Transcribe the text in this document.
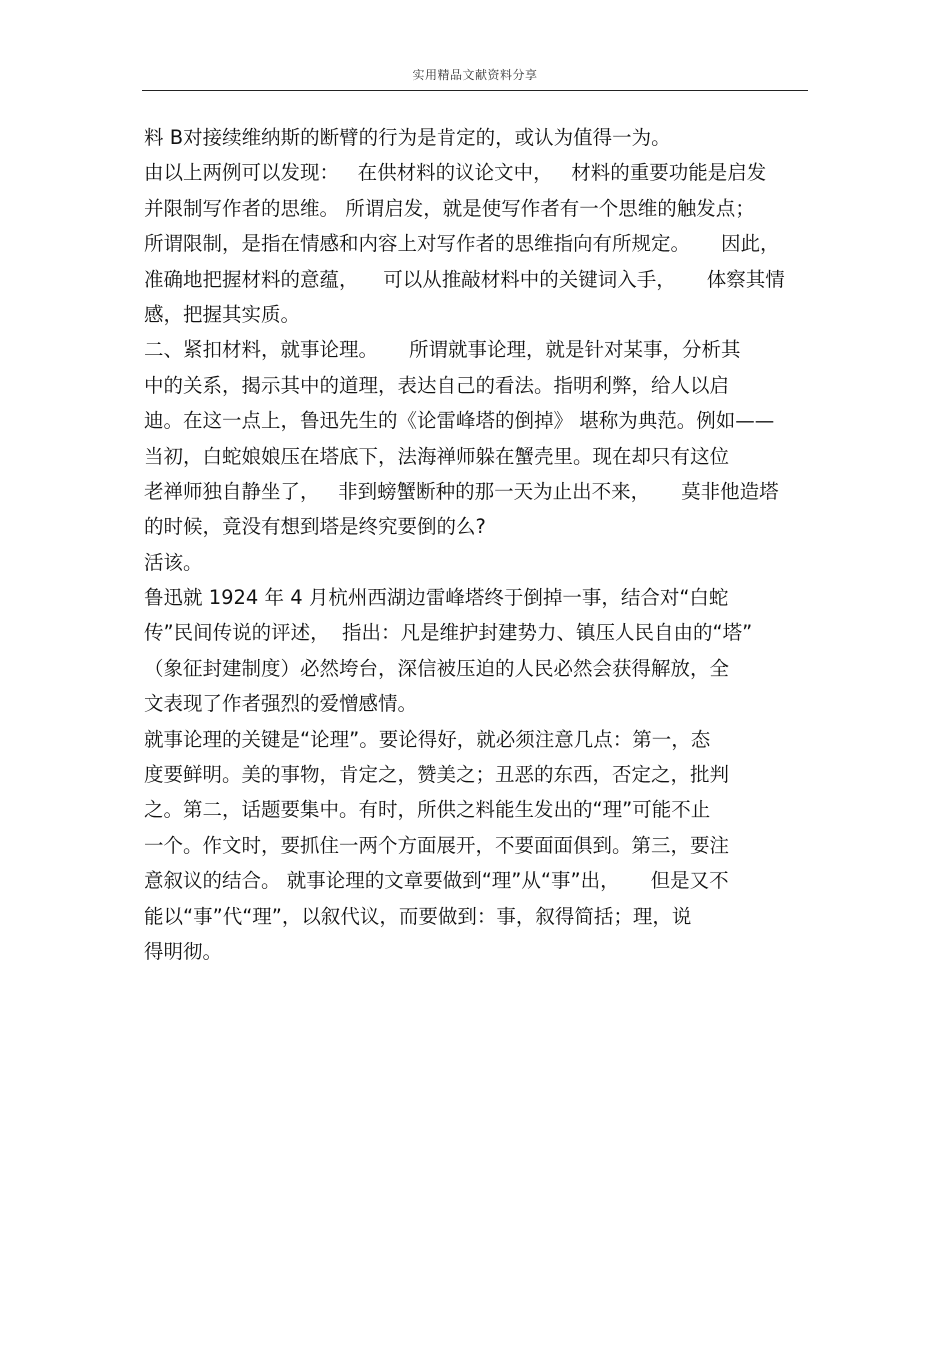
实用精品文献资料分享
料 B对接续维纳斯的断臂的行为是肯定的，或认为值得一为。
由以上两例可以发现：   在供材料的议论文中，   材料的重要功能是启发
并限制写作者的思维。 所谓启发，就是使写作者有一个思维的触发点；
所谓限制，是指在情感和内容上对写作者的思维指向有所规定。     因此，
准确地把握材料的意蕴，    可以从推敲材料中的关键词入手，     体察其情
感，把握其实质。
二、紧扣材料，就事论理。     所谓就事论理，就是针对某事，分析其
中的关系，揭示其中的道理，表达自己的看法。指明利弊，给人以启
迪。在这一点上，鲁迅先生的《论雷峰塔的倒掉》 堪称为典范。例如——
当初，白蛇娘娘压在塔底下，法海禅师躲在蟹壳里。现在却只有这位
老禅师独自静坐了，   非到螃蟹断种的那一天为止出不来，     莫非他造塔
的时候，竟没有想到塔是终究要倒的么?
活该。
鲁迅就 1924 年 4 月杭州西湖边雷峰塔终于倒掉一事，结合对“白蛇
传”民间传说的评述，  指出：凡是维护封建势力、镇压人民自由的“塔”
（象征封建制度）必然垮台，深信被压迫的人民必然会获得解放，全
文表现了作者强烈的爱憎感情。
就事论理的关键是“论理”。要论得好，就必须注意几点：第一，态
度要鲜明。美的事物，肯定之，赞美之；丑恶的东西，否定之，批判
之。第二，话题要集中。有时，所供之料能生发出的“理”可能不止
一个。作文时，要抓住一两个方面展开，不要面面俱到。第三，要注
意叙议的结合。 就事论理的文章要做到“理”从“事”出，     但是又不
能以“事”代“理”，以叙代议，而要做到：事，叙得简括；理，说
得明彻。
